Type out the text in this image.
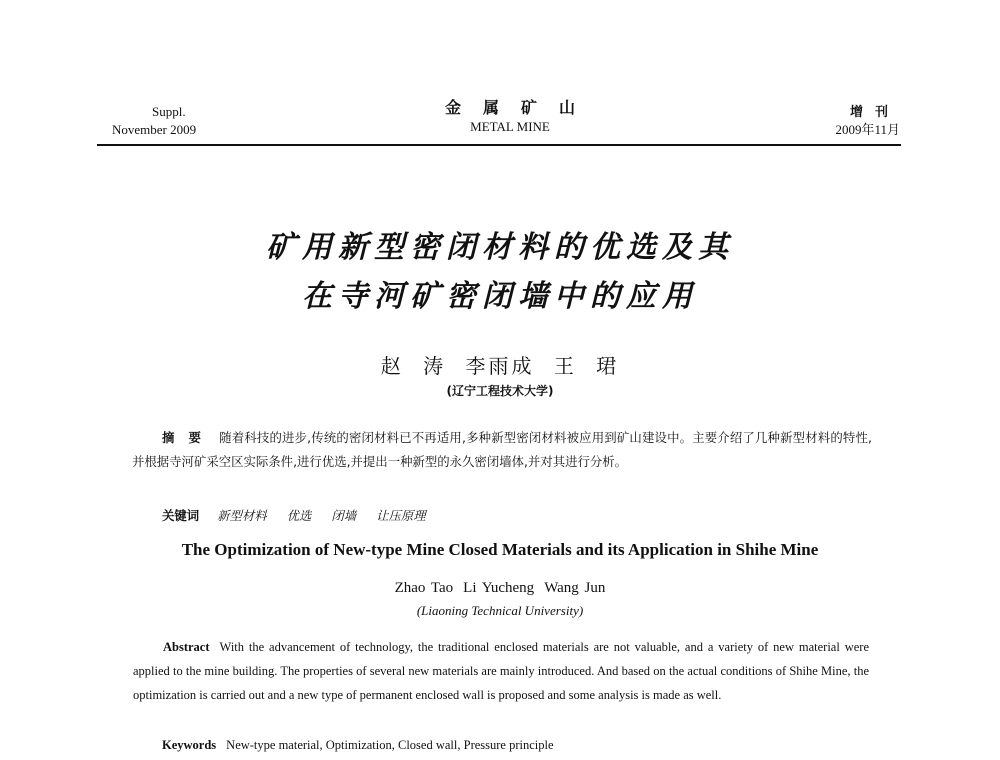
Suppl.
November 2009
金属矿山
METAL MINE
增刊
2009年11月
矿用新型密闭材料的优选及其
在寺河矿密闭墙中的应用
赵 涛 李雨成 王 珺
(辽宁工程技术大学)
摘要 随着科技的进步,传统的密闭材料已不再适用,多种新型密闭材料被应用到矿山建设中。主要介绍了几种新型材料的特性,并根据寺河矿采空区实际条件,进行优选,并提出一种新型的永久密闭墙体,并对其进行分析。
关键词 新型材料 优选 闭墙 让压原理
The Optimization of New-type Mine Closed Materials and its Application in Shihe Mine
Zhao Tao Li Yucheng Wang Jun
(Liaoning Technical University)
Abstract With the advancement of technology, the traditional enclosed materials are not valuable, and a variety of new material were applied to the mine building. The properties of several new materials are mainly introduced. And based on the actual conditions of Shihe Mine, the optimization is carried out and a new type of permanent enclosed wall is proposed and some analysis is made as well.
Keywords New-type material, Optimization, Closed wall, Pressure principle
